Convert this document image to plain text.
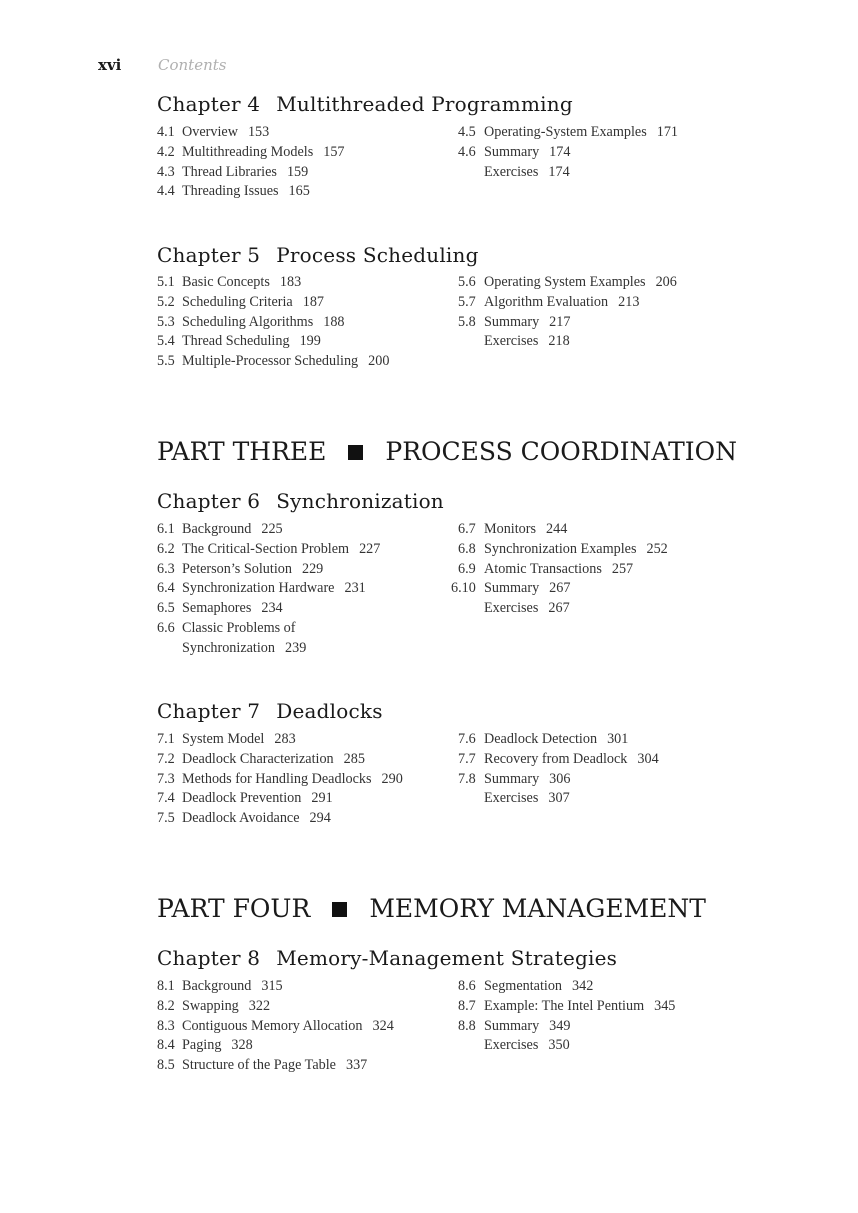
xvi Contents
Chapter 4 Multithreaded Programming
4.1 Overview 153
4.2 Multithreading Models 157
4.3 Thread Libraries 159
4.4 Threading Issues 165
4.5 Operating-System Examples 171
4.6 Summary 174
Exercises 174
Chapter 5 Process Scheduling
5.1 Basic Concepts 183
5.2 Scheduling Criteria 187
5.3 Scheduling Algorithms 188
5.4 Thread Scheduling 199
5.5 Multiple-Processor Scheduling 200
5.6 Operating System Examples 206
5.7 Algorithm Evaluation 213
5.8 Summary 217
Exercises 218
PART THREE PROCESS COORDINATION
Chapter 6 Synchronization
6.1 Background 225
6.2 The Critical-Section Problem 227
6.3 Peterson’s Solution 229
6.4 Synchronization Hardware 231
6.5 Semaphores 234
6.6 Classic Problems of
Synchronization 239
6.7 Monitors 244
6.8 Synchronization Examples 252
6.9 Atomic Transactions 257
6.10 Summary 267
Exercises 267
Chapter 7 Deadlocks
7.1 System Model 283
7.2 Deadlock Characterization 285
7.3 Methods for Handling Deadlocks 290
7.4 Deadlock Prevention 291
7.5 Deadlock Avoidance 294
7.6 Deadlock Detection 301
7.7 Recovery from Deadlock 304
7.8 Summary 306
Exercises 307
PART FOUR MEMORY MANAGEMENT
Chapter 8 Memory-Management Strategies
8.1 Background 315
8.2 Swapping 322
8.3 Contiguous Memory Allocation 324
8.4 Paging 328
8.5 Structure of the Page Table 337
8.6 Segmentation 342
8.7 Example: The Intel Pentium 345
8.8 Summary 349
Exercises 350
